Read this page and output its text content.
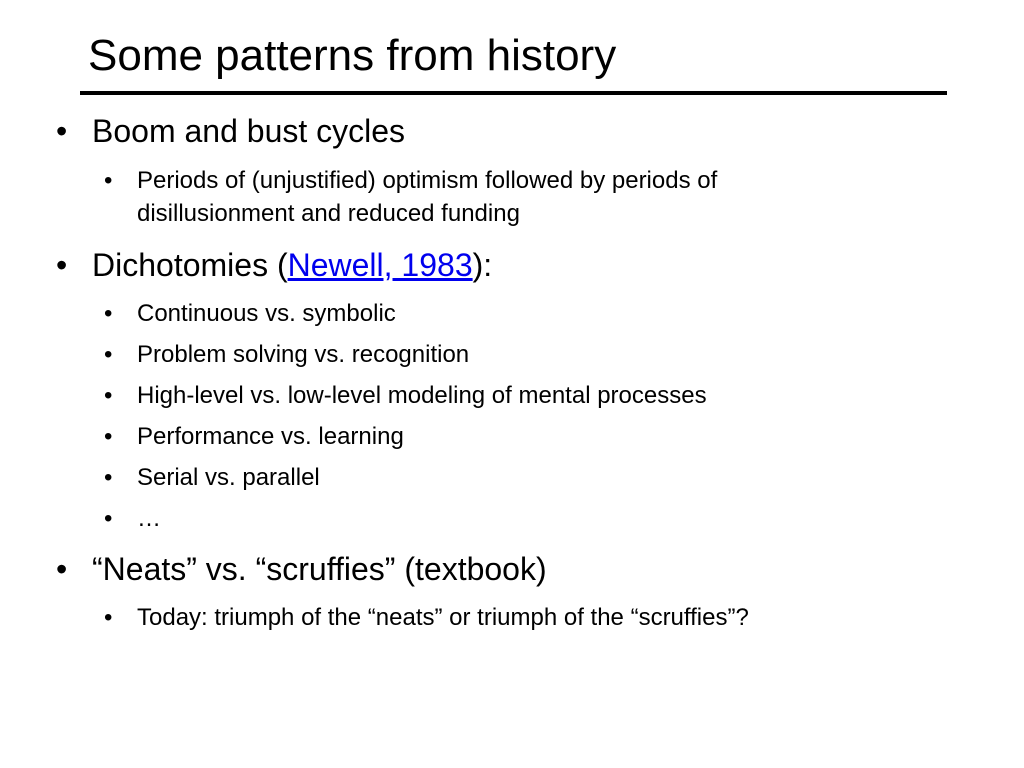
Some patterns from history
• Boom and bust cycles
• Periods of (unjustified) optimism followed by periods of
disillusionment and reduced funding
• Dichotomies (Newell, 1983):
• Continuous vs. symbolic
• Problem solving vs. recognition
• High-level vs. low-level modeling of mental processes
• Performance vs. learning
• Serial vs. parallel
• …
• “Neats” vs. “scruffies” (textbook)
• Today: triumph of the “neats” or triumph of the “scruffies”?
